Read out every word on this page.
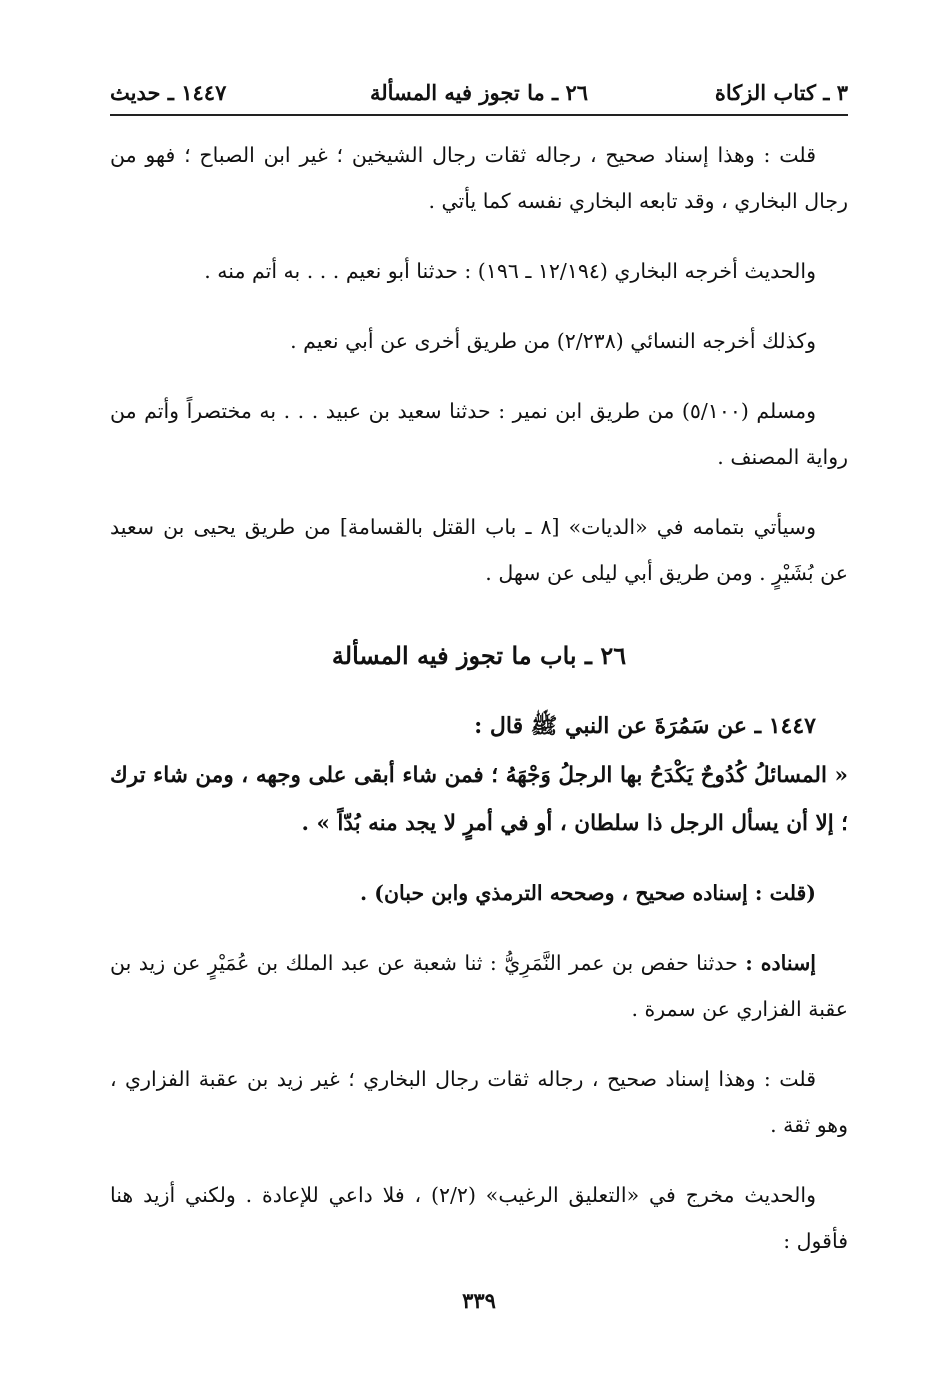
٣ ـ كتاب الزكاة
٢٦ ـ ما تجوز فيه المسألة
١٤٤٧ ـ حديث

قلت : وهذا إسناد صحيح ، رجاله ثقات رجال الشيخين ؛ غير ابن الصباح ؛ فهو من رجال البخاري ، وقد تابعه البخاري نفسه كما يأتي .

والحديث أخرجه البخاري (١٢/١٩٤ ـ ١٩٦) : حدثنا أبو نعيم . . . به أتم منه .

وكذلك أخرجه النسائي (٢/٢٣٨) من طريق أخرى عن أبي نعيم .

ومسلم (٥/١٠٠) من طريق ابن نمير : حدثنا سعيد بن عبيد . . . به مختصراً وأتم من رواية المصنف .

وسيأتي بتمامه في «الديات» [٨ ـ باب القتل بالقسامة] من طريق يحيى بن سعيد عن بُشَيْرٍ . ومن طريق أبي ليلى عن سهل .

٢٦ ـ باب ما تجوز فيه المسألة
١٤٤٧ ـ عن سَمُرَةَ عن النبي ﷺ قال :

« المسائلُ كُدُوحٌ يَكْدَحُ بها الرجلُ وَجْهَهُ ؛ فمن شاء أبقى على وجهه ، ومن شاء ترك ؛ إلا أن يسأل الرجل ذا سلطان ، أو في أمرٍ لا يجد منه بُدّاً » .

(قلت : إسناده صحيح ، وصححه الترمذي وابن حبان) .

إسناده : حدثنا حفص بن عمر النَّمَرِيُّ : ثنا شعبة عن عبد الملك بن عُمَيْرٍ عن زيد بن عقبة الفزاري عن سمرة .

قلت : وهذا إسناد صحيح ، رجاله ثقات رجال البخاري ؛ غير زيد بن عقبة الفزاري ، وهو ثقة .

والحديث مخرج في «التعليق الرغيب» (٢/٢) ، فلا داعي للإعادة . ولكني أزيد هنا فأقول :

٣٣٩
